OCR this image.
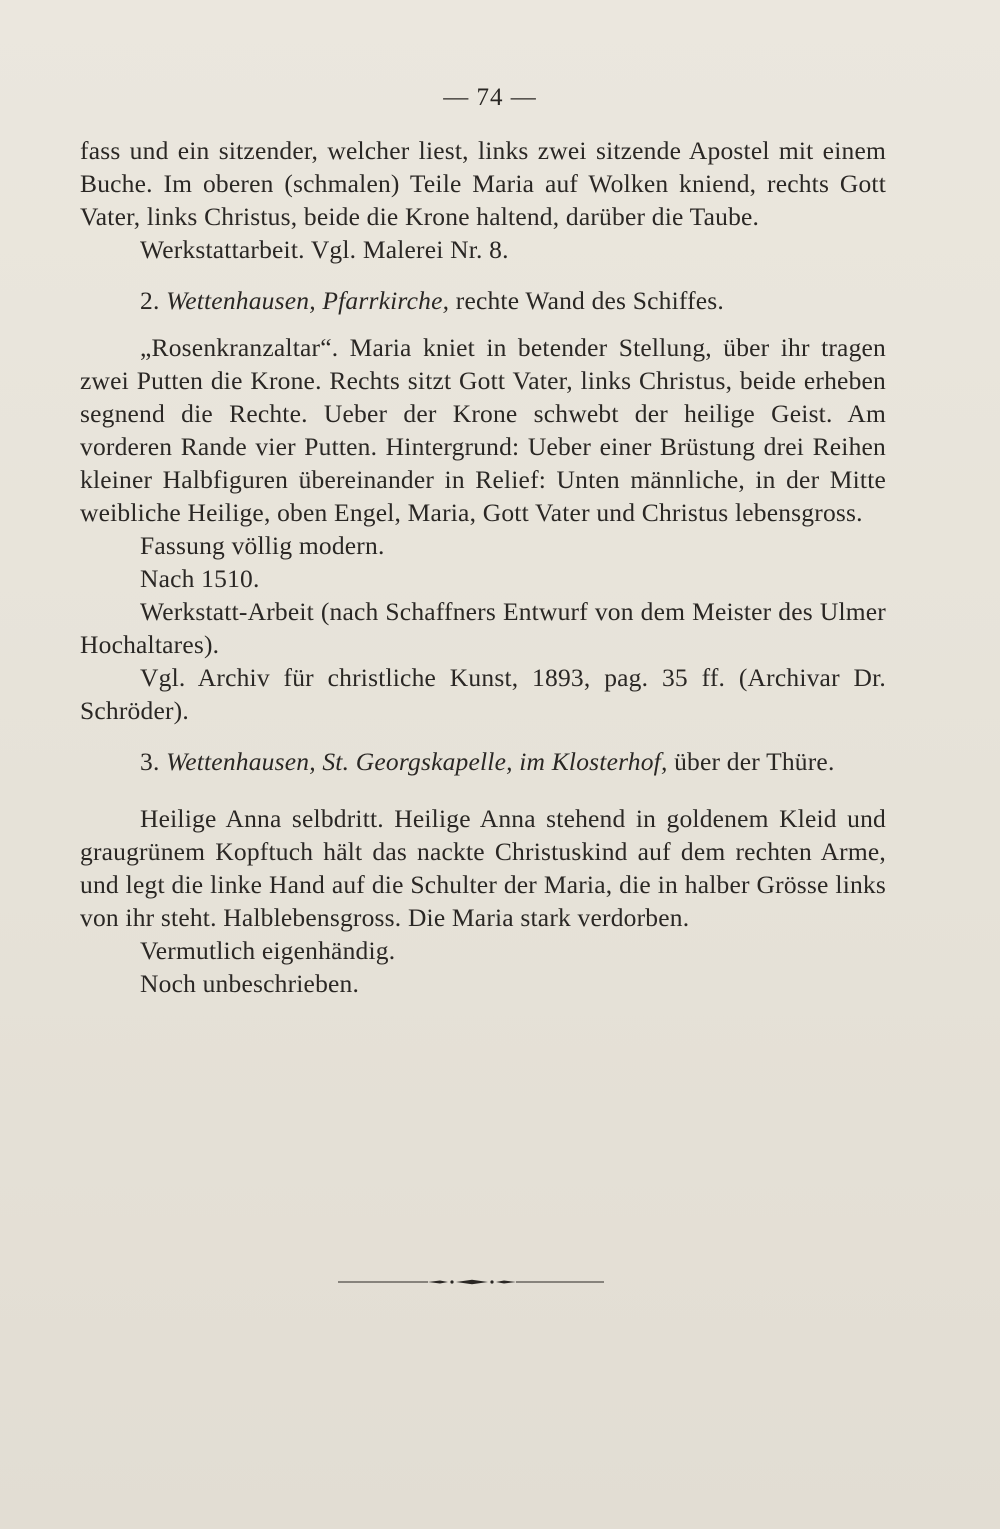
— 74 —

fass und ein sitzender, welcher liest, links zwei sitzende Apostel mit einem Buche. Im oberen (schmalen) Teile Maria auf Wolken kniend, rechts Gott Vater, links Christus, beide die Krone haltend, darüber die Taube.

Werkstattarbeit. Vgl. Malerei Nr. 8.

2. Wettenhausen, Pfarrkirche, rechte Wand des Schiffes.

„Rosenkranzaltar“. Maria kniet in betender Stellung, über ihr tragen zwei Putten die Krone. Rechts sitzt Gott Vater, links Christus, beide erheben segnend die Rechte. Ueber der Krone schwebt der heilige Geist. Am vorderen Rande vier Putten. Hintergrund: Ueber einer Brüstung drei Reihen kleiner Halbfiguren übereinander in Relief: Unten männliche, in der Mitte weibliche Heilige, oben Engel, Maria, Gott Vater und Christus lebensgross.

Fassung völlig modern.

Nach 1510.

Werkstatt-Arbeit (nach Schaffners Entwurf von dem Meister des Ulmer Hochaltares).

Vgl. Archiv für christliche Kunst, 1893, pag. 35 ff. (Archivar Dr. Schröder).

3. Wettenhausen, St. Georgskapelle, im Klosterhof, über der Thüre.

Heilige Anna selbdritt. Heilige Anna stehend in goldenem Kleid und graugrünem Kopftuch hält das nackte Christuskind auf dem rechten Arme, und legt die linke Hand auf die Schulter der Maria, die in halber Grösse links von ihr steht. Halblebensgross. Die Maria stark verdorben.

Vermutlich eigenhändig.

Noch unbeschrieben.
